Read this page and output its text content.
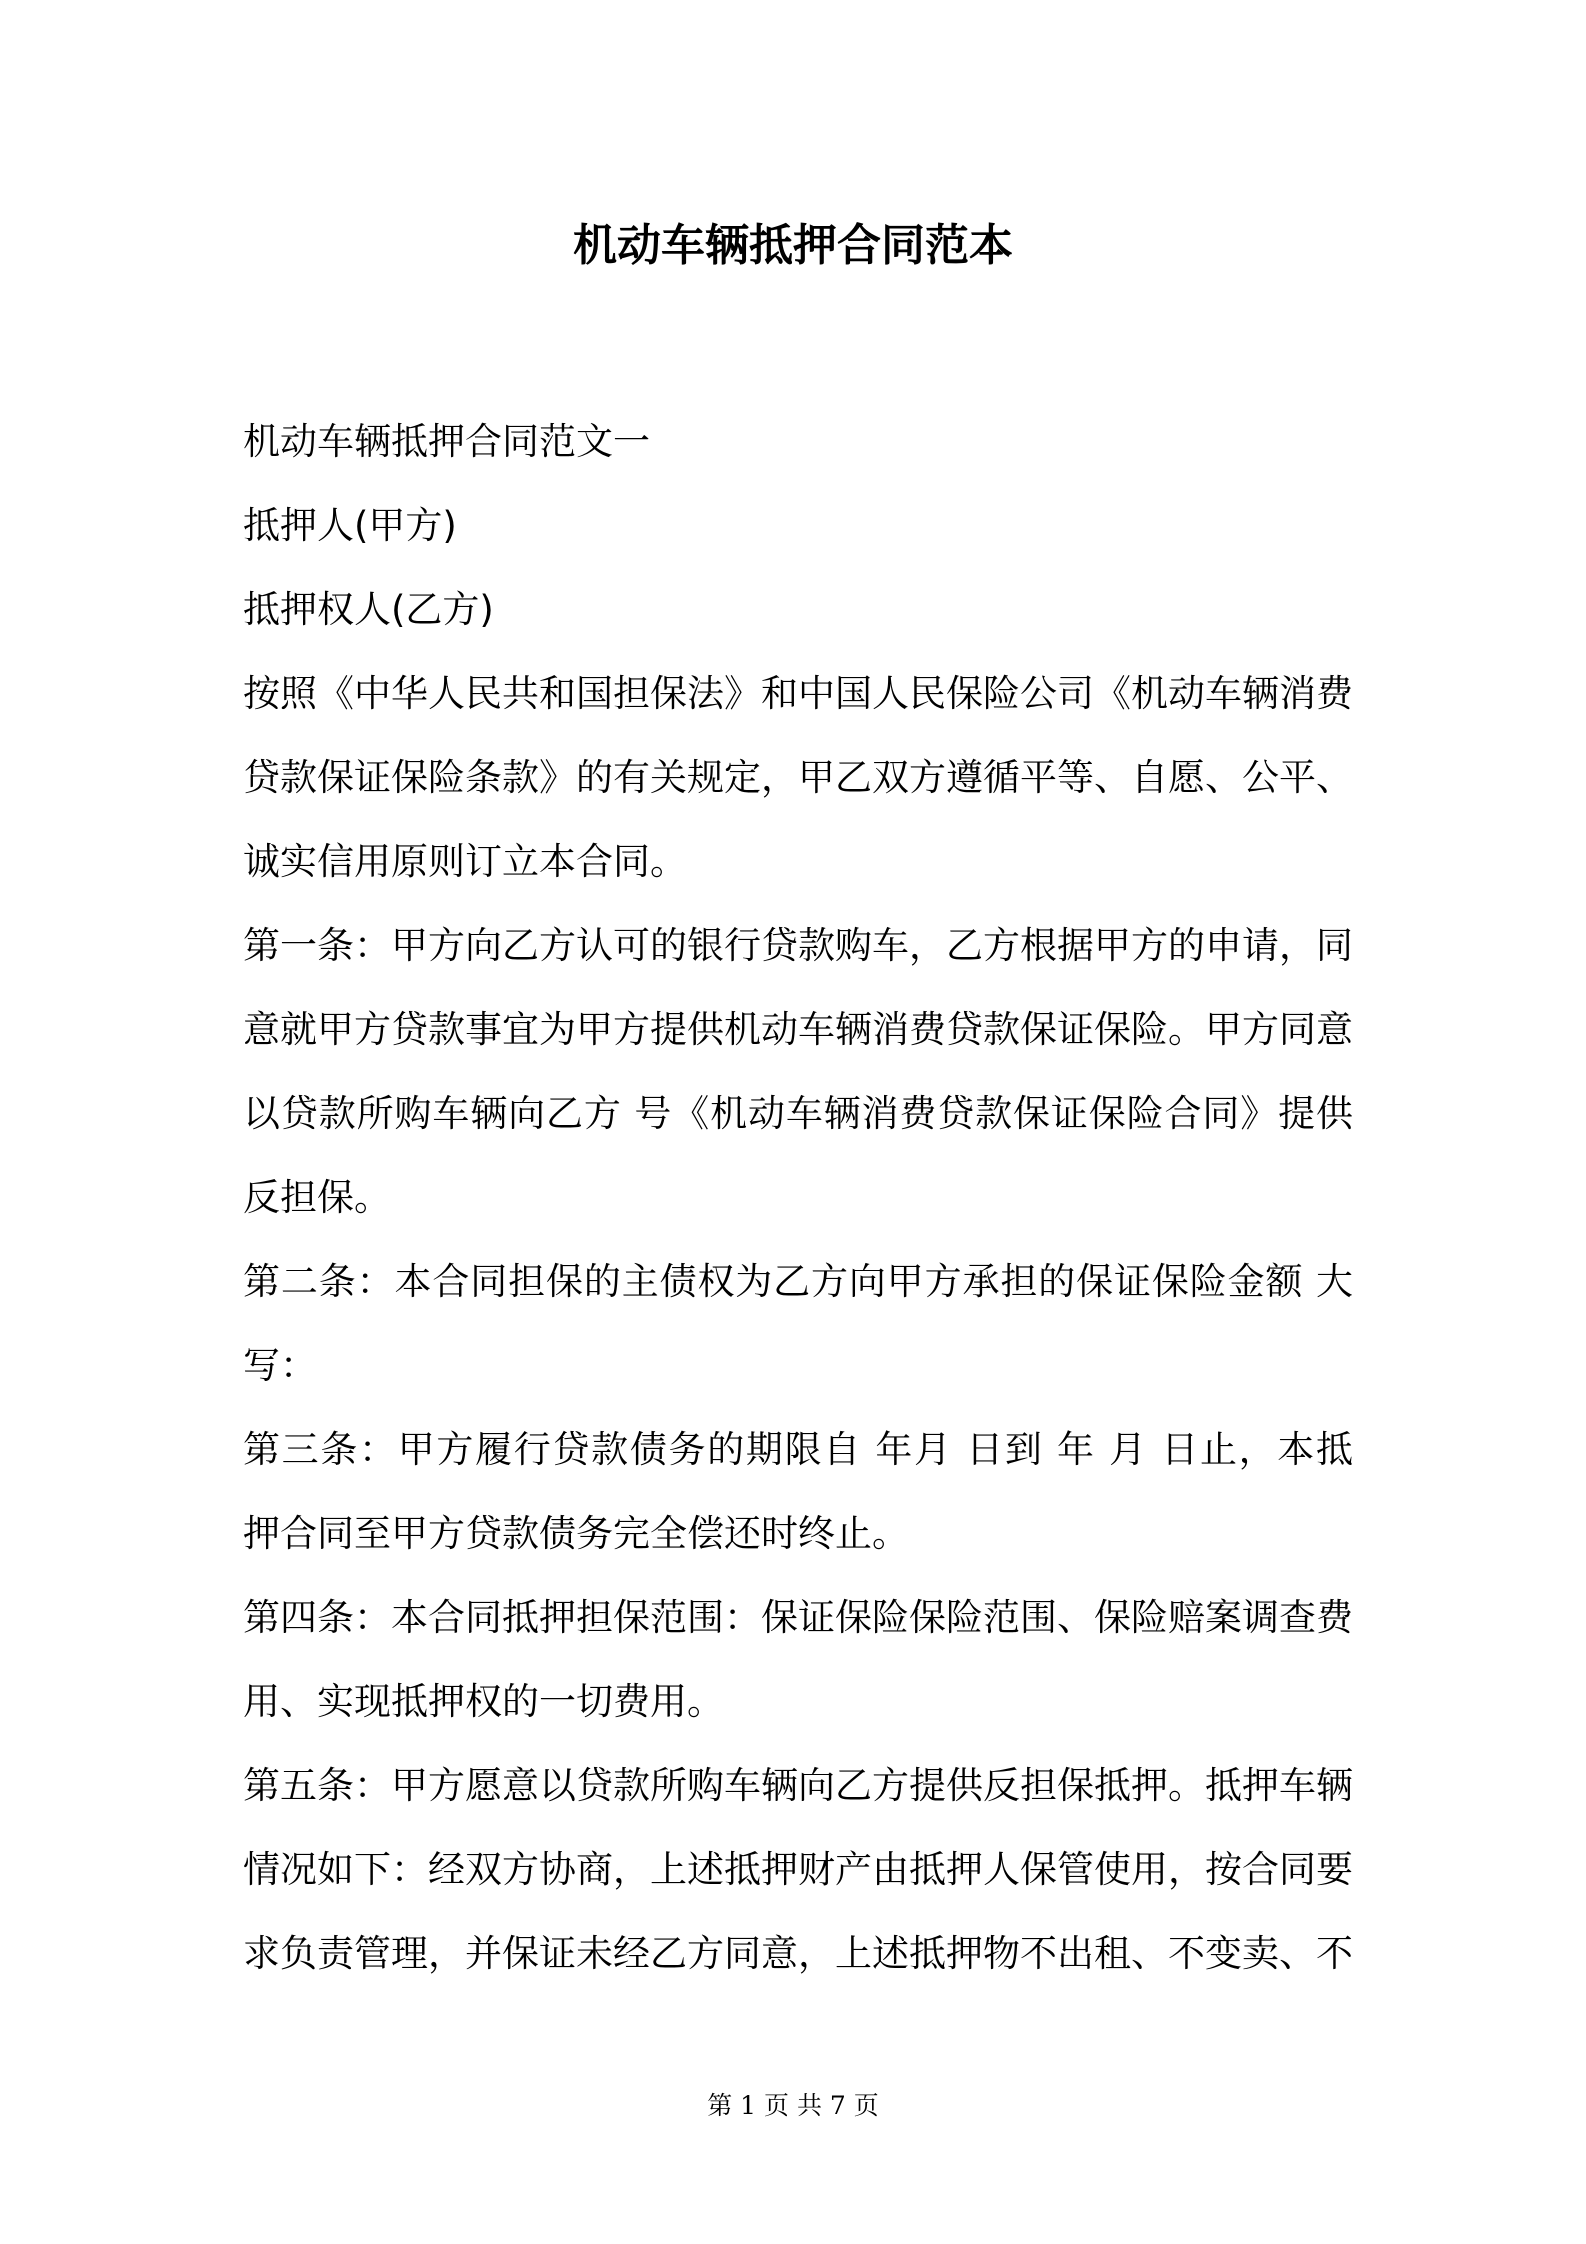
机动车辆抵押合同范本
机动车辆抵押合同范文一
抵押人(甲方)
抵押权人(乙方)
按照《中华人民共和国担保法》和中国人民保险公司《机动车辆消费
贷款保证保险条款》的有关规定，甲乙双方遵循平等、自愿、公平、
诚实信用原则订立本合同。
第一条：甲方向乙方认可的银行贷款购车，乙方根据甲方的申请，同
意就甲方贷款事宜为甲方提供机动车辆消费贷款保证保险。甲方同意
以贷款所购车辆向乙方 号《机动车辆消费贷款保证保险合同》提供
反担保。
第二条：本合同担保的主债权为乙方向甲方承担的保证保险金额 大
写：
第三条：甲方履行贷款债务的期限自 年月 日到 年 月 日止，本抵
押合同至甲方贷款债务完全偿还时终止。
第四条：本合同抵押担保范围：保证保险保险范围、保险赔案调查费
用、实现抵押权的一切费用。
第五条：甲方愿意以贷款所购车辆向乙方提供反担保抵押。抵押车辆
情况如下：经双方协商，上述抵押财产由抵押人保管使用，按合同要
求负责管理，并保证未经乙方同意，上述抵押物不出租、不变卖、不
第 1 页 共 7 页
